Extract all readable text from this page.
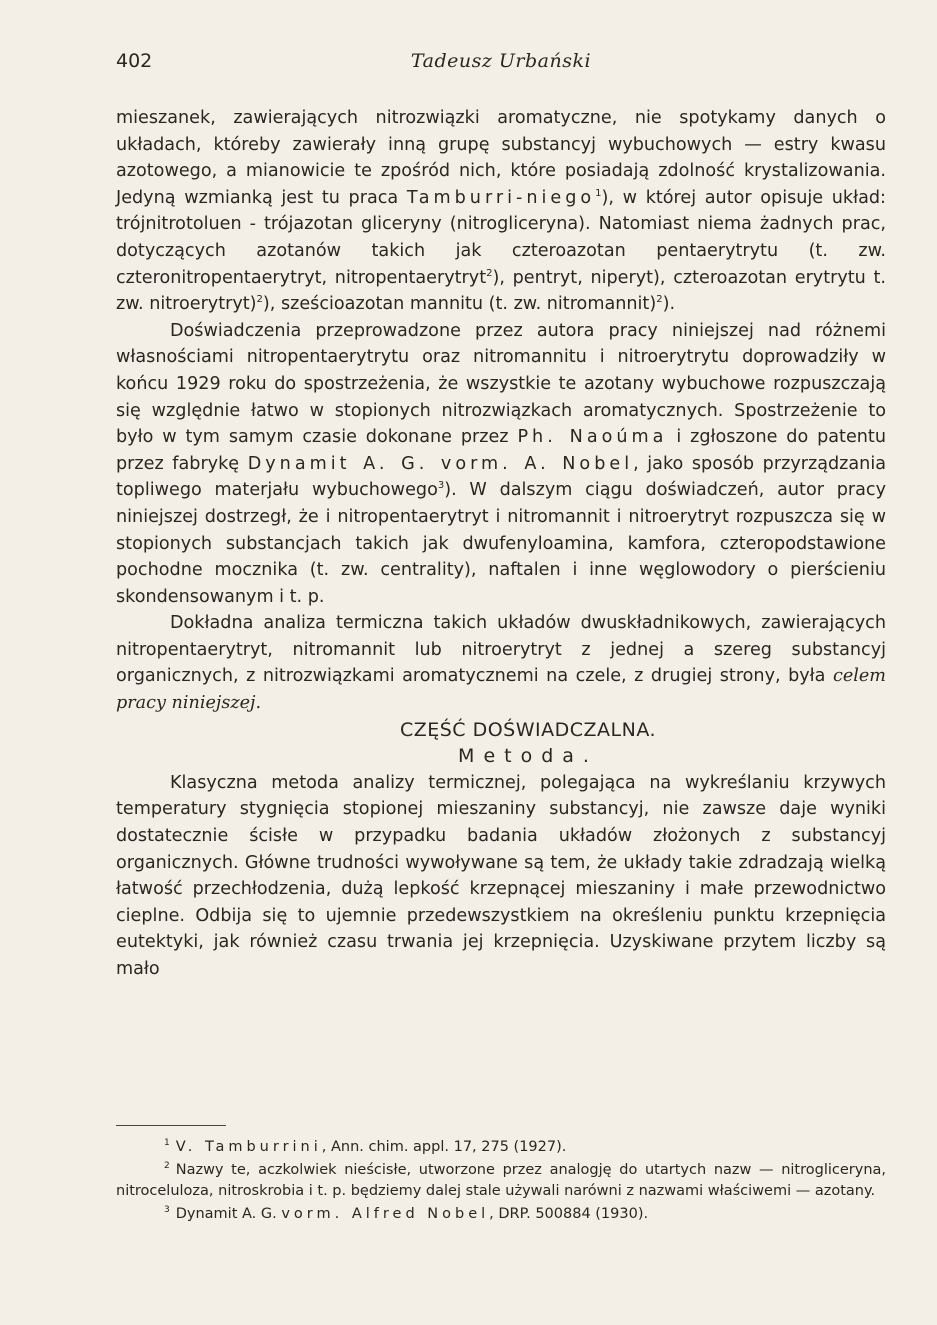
402	Tadeusz Urbański

mieszanek, zawierających nitrozwiązki aromatyczne, nie spotykamy danych o układach, któreby zawierały inną grupę substancyj wybuchowych — estry kwasu azotowego, a mianowicie te zpośród nich, które posiadają zdolność krystalizowania. Jedyną wzmianką jest tu praca Tamburri-niego$^1$), w której autor opisuje układ: trójnitrotoluen - trójazotan gliceryny (nitrogliceryna). Natomiast niema żadnych prac, dotyczących azotanów takich jak czteroazotan pentaerytrytu (t. zw. czteronitropentaerytryt, nitropentaerytryt$^2$), pentryt, niperyt), czteroazotan erytrytu t. zw. nitroerytryt)$^2$), sześcioazotan mannitu (t. zw. nitromannit)$^2$).

Doświadczenia przeprowadzone przez autora pracy niniejszej nad różnemi własnościami nitropentaerytrytu oraz nitromannitu i nitroerytrytu doprowadziły w końcu 1929 roku do spostrzeżenia, że wszystkie te azotany wybuchowe rozpuszczają się względnie łatwo w stopionych nitrozwiązkach aromatycznych. Spostrzeżenie to było w tym samym czasie dokonane przez Ph. Naoúma i zgłoszone do patentu przez fabrykę Dynamit A. G. vorm. A. Nobel, jako sposób przyrządzania topliwego materjału wybuchowego$^3$). W dalszym ciągu doświadczeń, autor pracy niniejszej dostrzegł, że i nitropentaerytryt i nitromannit i nitroerytryt rozpuszcza się w stopionych substancjach takich jak dwufenyloamina, kamfora, czteropodstawione pochodne mocznika (t. zw. centrality), naftalen i inne węglowodory o pierścieniu skondensowanym i t. p.

Dokładna analiza termiczna takich układów dwuskładnikowych, zawierających nitropentaerytryt, nitromannit lub nitroerytryt z jednej a szereg substancyj organicznych, z nitrozwiązkami aromatycznemi na czele, z drugiej strony, była celem pracy niniejszej.

CZĘŚĆ DOŚWIADCZALNA.

Metoda.

Klasyczna metoda analizy termicznej, polegająca na wykreślaniu krzywych temperatury stygnięcia stopionej mieszaniny substancyj, nie zawsze daje wyniki dostatecznie ścisłe w przypadku badania układów złożonych z substancyj organicznych. Główne trudności wywoływane są tem, że układy takie zdradzają wielką łatwość przechłodzenia, dużą lepkość krzepnącej mieszaniny i małe przewodnictwo cieplne. Odbija się to ujemnie przedewszystkiem na określeniu punktu krzepnięcia eutektyki, jak również czasu trwania jej krzepnięcia. Uzyskiwane przytem liczby są mało

$^1$ V. Tamburrini, Ann. chim. appl. 17, 275 (1927).

$^2$ Nazwy te, aczkolwiek nieścisłe, utworzone przez analogję do utartych nazw — nitrogliceryna, nitroceluloza, nitroskrobia i t. p. będziemy dalej stale używali narówni z nazwami właściwemi — azotany.

$^3$ Dynamit A. G. vorm. Alfred Nobel, DRP. 500884 (1930).
